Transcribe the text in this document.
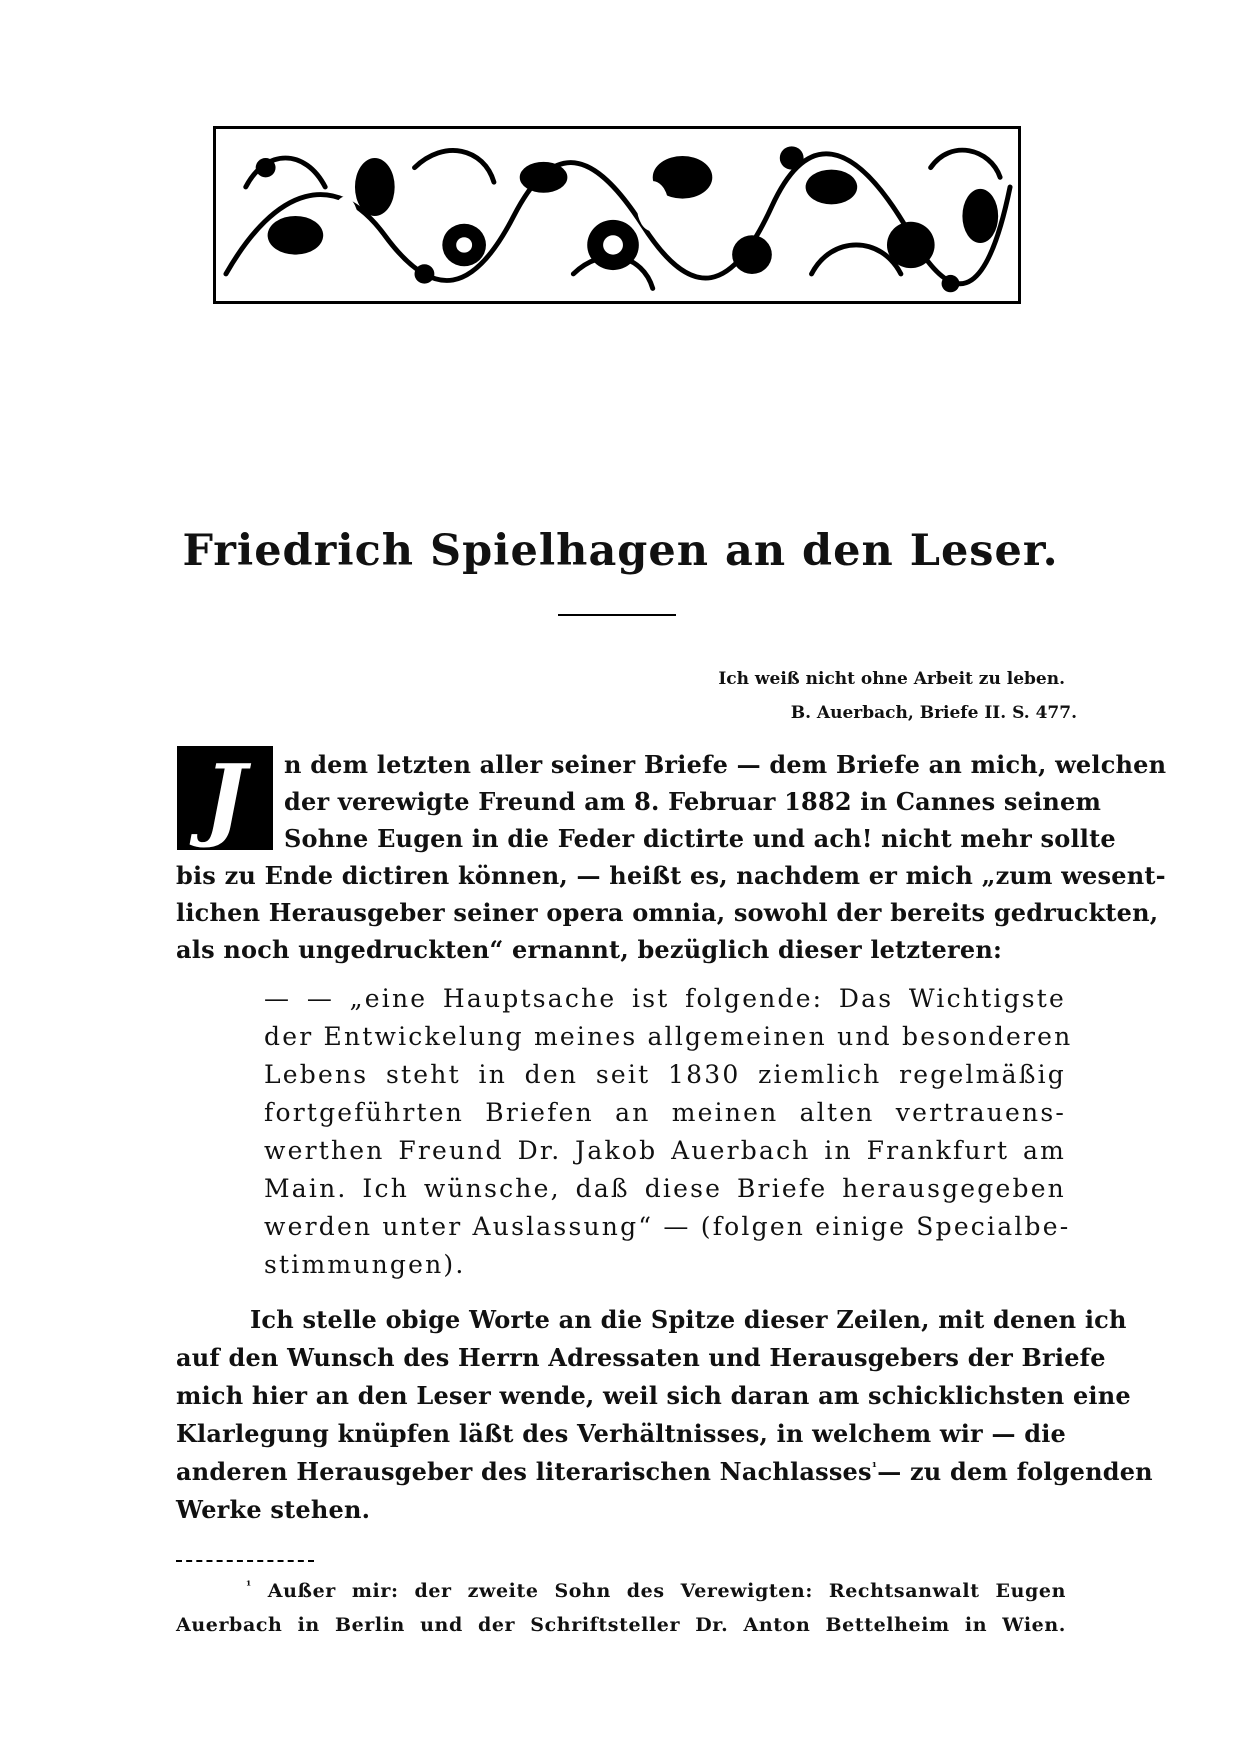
Friedrich Spielhagen an den Leser.
Ich weiß nicht ohne Arbeit zu leben.
B. Auerbach, Briefe II. S. 477.
J	n dem letzten aller seiner Briefe — dem Briefe an mich, welchen
der verewigte Freund am 8. Februar 1882 in Cannes seinem
Sohne Eugen in die Feder dictirte und ach! nicht mehr sollte
bis zu Ende dictiren können, — heißt es, nachdem er mich „zum wesent-
lichen Herausgeber seiner opera omnia, sowohl der bereits gedruckten,
als noch ungedruckten“ ernannt, bezüglich dieser letzteren:
— — „eine Hauptsache ist folgende: Das Wichtigste
der Entwickelung meines allgemeinen und besonderen
Lebens steht in den seit 1830 ziemlich regelmäßig
fortgeführten Briefen an meinen alten vertrauens-
werthen Freund Dr. Jakob Auerbach in Frankfurt am
Main. Ich wünsche, daß diese Briefe herausgegeben
werden unter Auslassung“ — (folgen einige Specialbe-
stimmungen).
Ich stelle obige Worte an die Spitze dieser Zeilen, mit denen ich
auf den Wunsch des Herrn Adressaten und Herausgebers der Briefe
mich hier an den Leser wende, weil sich daran am schicklichsten eine
Klarlegung knüpfen läßt des Verhältnisses, in welchem wir — die
anderen Herausgeber des literarischen Nachlasses$^{^1}$ — zu dem folgenden
Werke stehen.
$^{^1}$ Außer mir: der zweite Sohn des Verewigten: Rechtsanwalt Eugen
Auerbach in Berlin und der Schriftsteller Dr. Anton Bettelheim in Wien.
